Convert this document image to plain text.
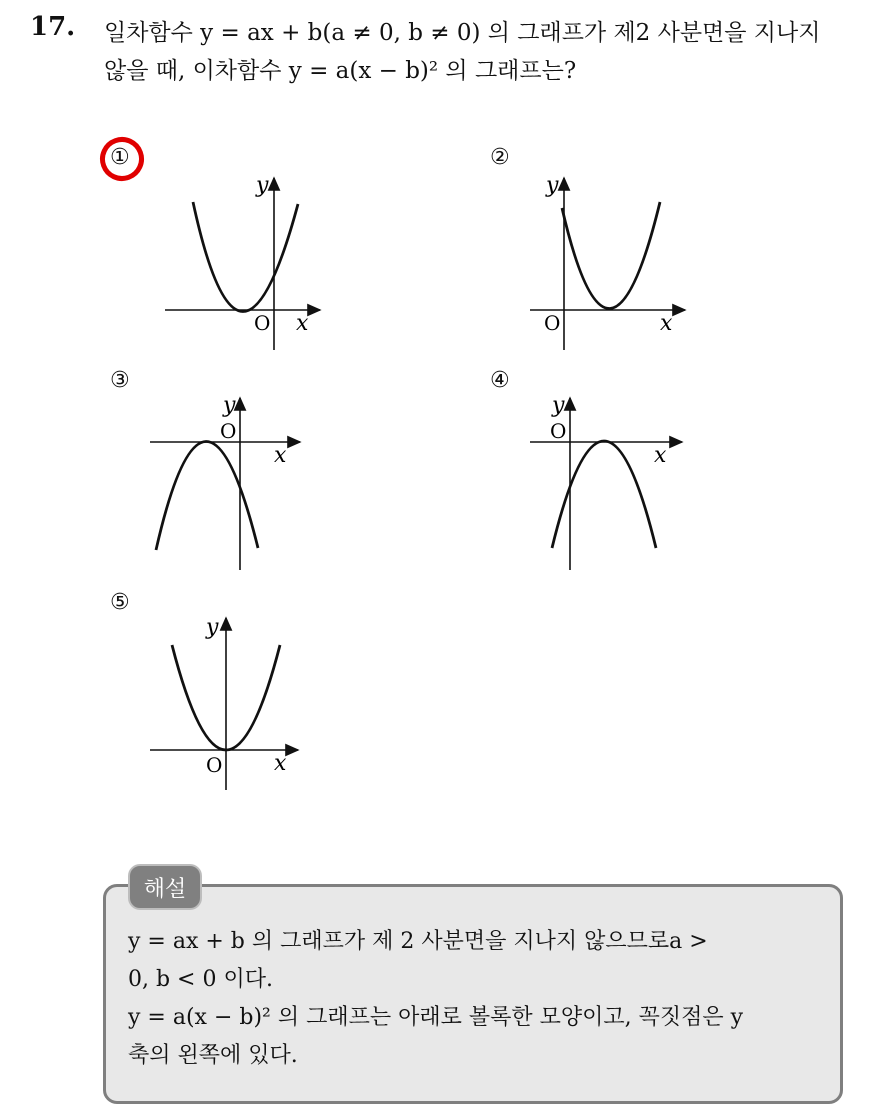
17. 일차함수 y = ax + b(a ≠ 0, b ≠ 0) 의 그래프가 제2 사분면을 지나지
않을 때, 이차함수 y = a(x − b)² 의 그래프는?
①	②
③	④
⑤
y
x
O
y
x
O
y
x
O
y
x
O
y
x
O
해설

y = ax + b 의 그래프가 제 2 사분면을 지나지 않으므로a >

0, b < 0 이다.

y = a(x − b)² 의 그래프는 아래로 볼록한 모양이고, 꼭짓점은 y

축의 왼쪽에 있다.
